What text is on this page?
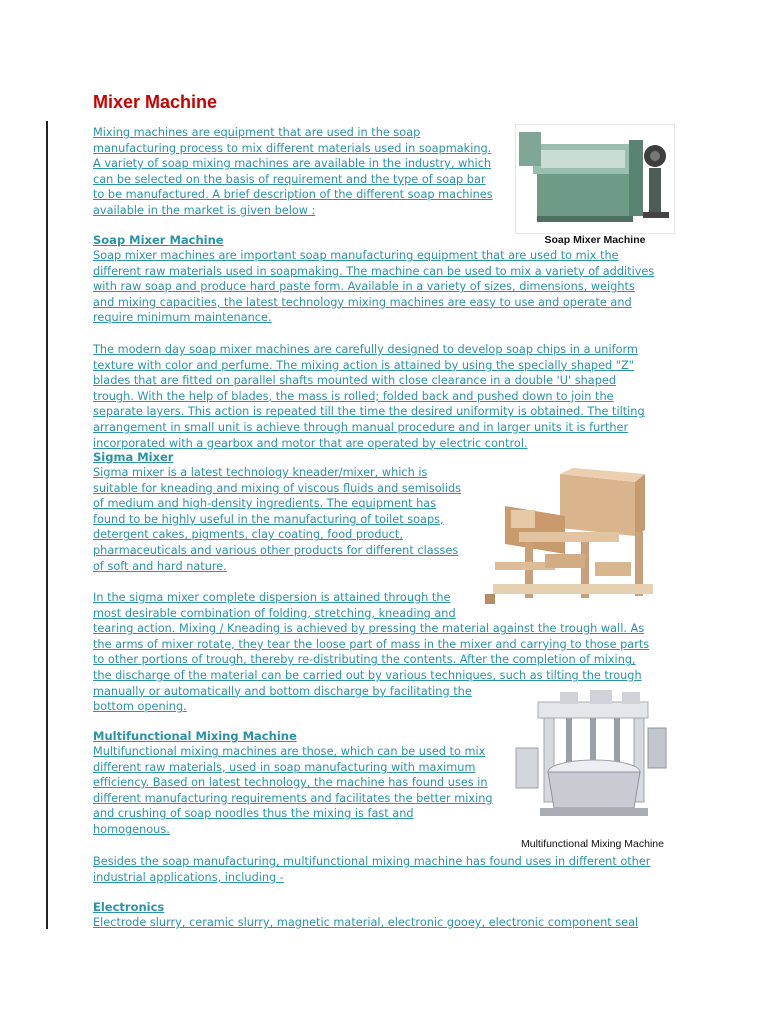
Mixer Machine
Mixing machines are equipment that are used in the soap
manufacturing process to mix different materials used in soapmaking.
A variety of soap mixing machines are available in the industry, which
can be selected on the basis of requirement and the type of soap bar
to be manufactured. A brief description of the different soap machines
available in the market is given below :
Soap Mixer Machine
Soap Mixer Machine
Soap mixer machines are important soap manufacturing equipment that are used to mix the
different raw materials used in soapmaking. The machine can be used to mix a variety of additives
with raw soap and produce hard paste form. Available in a variety of sizes, dimensions, weights
and mixing capacities, the latest technology mixing machines are easy to use and operate and
require minimum maintenance.
The modern day soap mixer machines are carefully designed to develop soap chips in a uniform
texture with color and perfume. The mixing action is attained by using the specially shaped "Z"
blades that are fitted on parallel shafts mounted with close clearance in a double 'U' shaped
trough. With the help of blades, the mass is rolled; folded back and pushed down to join the
separate layers. This action is repeated till the time the desired uniformity is obtained. The tilting
arrangement in small unit is achieve through manual procedure and in larger units it is further
incorporated with a gearbox and motor that are operated by electric control.
Sigma Mixer
Sigma mixer is a latest technology kneader/mixer, which is
suitable for kneading and mixing of viscous fluids and semisolids
of medium and high-density ingredients. The equipment has
found to be highly useful in the manufacturing of toilet soaps,
detergent cakes, pigments, clay coating, food product,
pharmaceuticals and various other products for different classes
of soft and hard nature.
In the sigma mixer complete dispersion is attained through the
most desirable combination of folding, stretching, kneading and
tearing action. Mixing / Kneading is achieved by pressing the material against the trough wall. As
the arms of mixer rotate, they tear the loose part of mass in the mixer and carrying to those parts
to other portions of trough, thereby re-distributing the contents. After the completion of mixing,
the discharge of the material can be carried out by various techniques, such as tilting the trough
manually or automatically and bottom discharge by facilitating the
bottom opening.
Multifunctional Mixing Machine
Multifunctional Mixing Machine
Multifunctional mixing machines are those, which can be used to mix
different raw materials, used in soap manufacturing with maximum
efficiency. Based on latest technology, the machine has found uses in
different manufacturing requirements and facilitates the better mixing
and crushing of soap noodles thus the mixing is fast and
homogenous.
Besides the soap manufacturing, multifunctional mixing machine has found uses in different other
industrial applications, including -
Electronics
Electrode slurry, ceramic slurry, magnetic material, electronic gooey, electronic component seal
